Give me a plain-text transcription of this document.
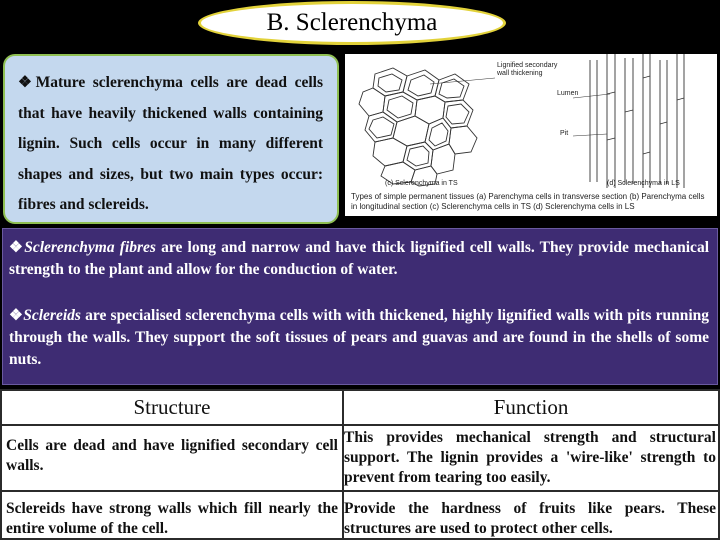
B. Sclerenchyma

❖Mature sclerenchyma cells are dead cells that have heavily thickened walls containing lignin. Such cells occur in many different shapes and sizes, but two main types occur: fibres and sclereids.

Lignified secondary wall thickening
Lumen
Pit
(c) Sclerenchyma in TS	(d) Sclerenchyma in LS
Types of simple permanent tissues (a) Parenchyma cells in transverse section (b) Parenchyma cells in longitudinal section (c) Sclerenchyma cells in TS (d) Sclerenchyma cells in LS

❖Sclerenchyma fibres are long and narrow and have thick lignified cell walls. They provide mechanical strength to the plant and allow for the conduction of water.

❖Sclereids are specialised sclerenchyma cells with with thickened, highly lignified walls with pits running through the walls. They support the soft tissues of pears and guavas and are found in the shells of some nuts.

Structure	Function
Cells are dead and have lignified secondary cell walls.
This provides mechanical strength and structural support. The lignin provides a 'wire-like' strength to prevent from tearing too easily.
Sclereids have strong walls which fill nearly the entire volume of the cell.
Provide the hardness of fruits like pears. These structures are used to protect other cells.
